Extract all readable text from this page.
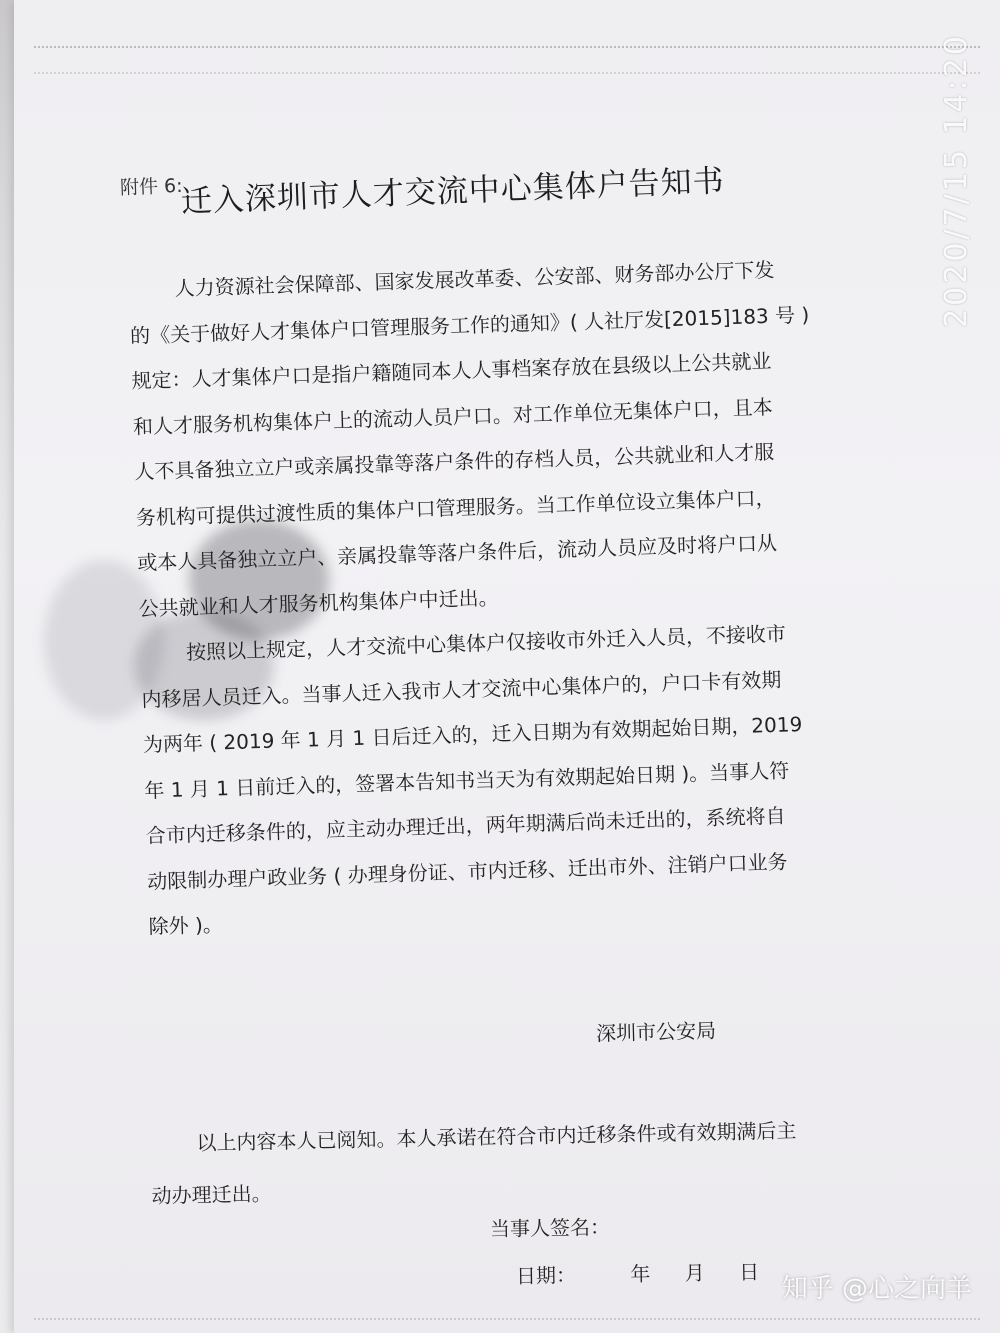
2020/7/15 14:20
附件 6:
迁入深圳市人才交流中心集体户告知书
人力资源社会保障部、国家发展改革委、公安部、财务部办公厅下发
的《关于做好人才集体户口管理服务工作的通知》( 人社厅发[2015]183 号 )
规定：人才集体户口是指户籍随同本人人事档案存放在县级以上公共就业
和人才服务机构集体户上的流动人员户口。对工作单位无集体户口，且本
人不具备独立立户或亲属投靠等落户条件的存档人员，公共就业和人才服
务机构可提供过渡性质的集体户口管理服务。当工作单位设立集体户口，
或本人具备独立立户、亲属投靠等落户条件后，流动人员应及时将户口从
公共就业和人才服务机构集体户中迁出。
按照以上规定，人才交流中心集体户仅接收市外迁入人员，不接收市
内移居人员迁入。当事人迁入我市人才交流中心集体户的，户口卡有效期
为两年 ( 2019 年 1 月 1 日后迁入的，迁入日期为有效期起始日期，2019
年 1 月 1 日前迁入的，签署本告知书当天为有效期起始日期 )。当事人符
合市内迁移条件的，应主动办理迁出，两年期满后尚未迁出的，系统将自
动限制办理户政业务 ( 办理身份证、市内迁移、迁出市外、注销户口业务
除外 )。
深圳市公安局
以上内容本人已阅知。本人承诺在符合市内迁移条件或有效期满后主
动办理迁出。
当事人签名：
日期：	年 月 日
知乎 @心之向羊
